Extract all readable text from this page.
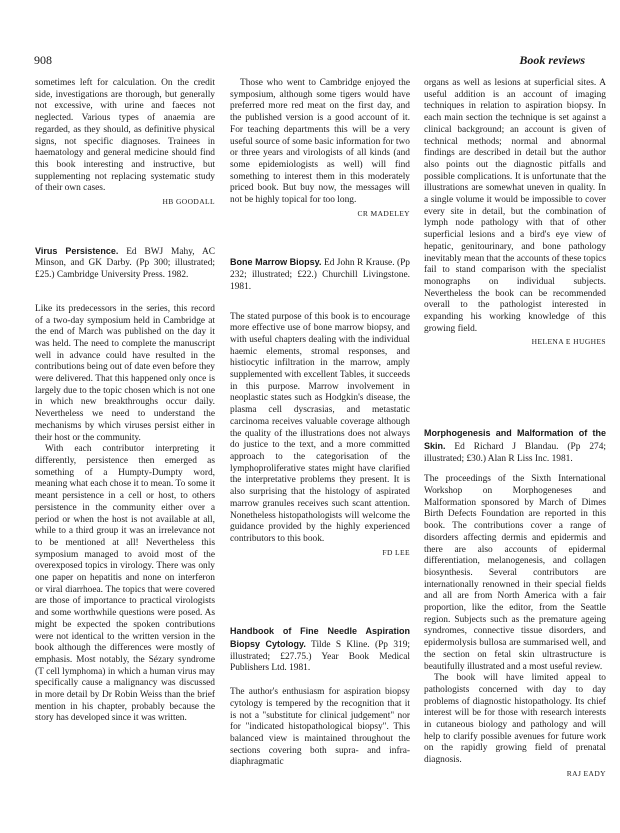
908	Book reviews

sometimes left for calculation. On the credit side, investigations are thorough, but generally not excessive, with urine and faeces not neglected. Various types of anaemia are regarded, as they should, as definitive physical signs, not specific diagnoses. Trainees in haematology and general medicine should find this book interesting and instructive, but supplementing not replacing systematic study of their own cases.

HB GOODALL

Virus Persistence. Ed BWJ Mahy, AC Minson, and GK Darby. (Pp 300; illustrated; £25.) Cambridge University Press. 1982.

Like its predecessors in the series, this record of a two-day symposium held in Cambridge at the end of March was published on the day it was held. The need to complete the manuscript well in advance could have resulted in the contributions being out of date even before they were delivered. That this happened only once is largely due to the topic chosen which is not one in which new breakthroughs occur daily. Nevertheless we need to understand the mechanisms by which viruses persist either in their host or the community.

With each contributor interpreting it differently, persistence then emerged as something of a Humpty-Dumpty word, meaning what each chose it to mean. To some it meant persistence in a cell or host, to others persistence in the community either over a period or when the host is not available at all, while to a third group it was an irrelevance not to be mentioned at all! Nevertheless this symposium managed to avoid most of the overexposed topics in virology. There was only one paper on hepatitis and none on interferon or viral diarrhoea. The topics that were covered are those of importance to practical virologists and some worthwhile questions were posed. As might be expected the spoken contributions were not identical to the written version in the book although the differences were mostly of emphasis. Most notably, the Sézary syndrome (T cell lymphoma) in which a human virus may specifically cause a malignancy was discussed in more detail by Dr Robin Weiss than the brief mention in his chapter, probably because the story has developed since it was written.

Those who went to Cambridge enjoyed the symposium, although some tigers would have preferred more red meat on the first day, and the published version is a good account of it. For teaching departments this will be a very useful source of some basic information for two or three years and virologists of all kinds (and some epidemiologists as well) will find something to interest them in this moderately priced book. But buy now, the messages will not be highly topical for too long.

CR MADELEY

Bone Marrow Biopsy. Ed John R Krause. (Pp 232; illustrated; £22.) Churchill Livingstone. 1981.

The stated purpose of this book is to encourage more effective use of bone marrow biopsy, and with useful chapters dealing with the individual haemic elements, stromal responses, and histiocytic infiltration in the marrow, amply supplemented with excellent Tables, it succeeds in this purpose. Marrow involvement in neoplastic states such as Hodgkin's disease, the plasma cell dyscrasias, and metastatic carcinoma receives valuable coverage although the quality of the illustrations does not always do justice to the text, and a more committed approach to the categorisation of the lymphoproliferative states might have clarified the interpretative problems they present. It is also surprising that the histology of aspirated marrow granules receives such scant attention. Nonetheless histopathologists will welcome the guidance provided by the highly experienced contributors to this book.

FD LEE

Handbook of Fine Needle Aspiration Biopsy Cytology. Tilde S Kline. (Pp 319; illustrated; £27.75.) Year Book Medical Publishers Ltd. 1981.

The author's enthusiasm for aspiration biopsy cytology is tempered by the recognition that it is not a "substitute for clinical judgement" nor for "indicated histopathological biopsy". This balanced view is maintained throughout the sections covering both supra- and infra- diaphragmatic

organs as well as lesions at superficial sites. A useful addition is an account of imaging techniques in relation to aspiration biopsy. In each main section the technique is set against a clinical background; an account is given of technical methods; normal and abnormal findings are described in detail but the author also points out the diagnostic pitfalls and possible complications. It is unfortunate that the illustrations are somewhat uneven in quality. In a single volume it would be impossible to cover every site in detail, but the combination of lymph node pathology with that of other superficial lesions and a bird's eye view of hepatic, genitourinary, and bone pathology inevitably mean that the accounts of these topics fail to stand comparison with the specialist monographs on individual subjects. Nevertheless the book can be recommended overall to the pathologist interested in expanding his working knowledge of this growing field.

HELENA E HUGHES

Morphogenesis and Malformation of the Skin. Ed Richard J Blandau. (Pp 274; illustrated; £30.) Alan R Liss Inc. 1981.

The proceedings of the Sixth International Workshop on Morphogeneses and Malformation sponsored by March of Dimes Birth Defects Foundation are reported in this book. The contributions cover a range of disorders affecting dermis and epidermis and there are also accounts of epidermal differentiation, melanogenesis, and collagen biosynthesis. Several contributors are internationally renowned in their special fields and all are from North America with a fair proportion, like the editor, from the Seattle region. Subjects such as the premature ageing syndromes, connective tissue disorders, and epidermolysis bullosa are summarised well, and the section on fetal skin ultrastructure is beautifully illustrated and a most useful review.

The book will have limited appeal to pathologists concerned with day to day problems of diagnostic histopathology. Its chief interest will be for those with research interests in cutaneous biology and pathology and will help to clarify possible avenues for future work on the rapidly growing field of prenatal diagnosis.

RAJ EADY
